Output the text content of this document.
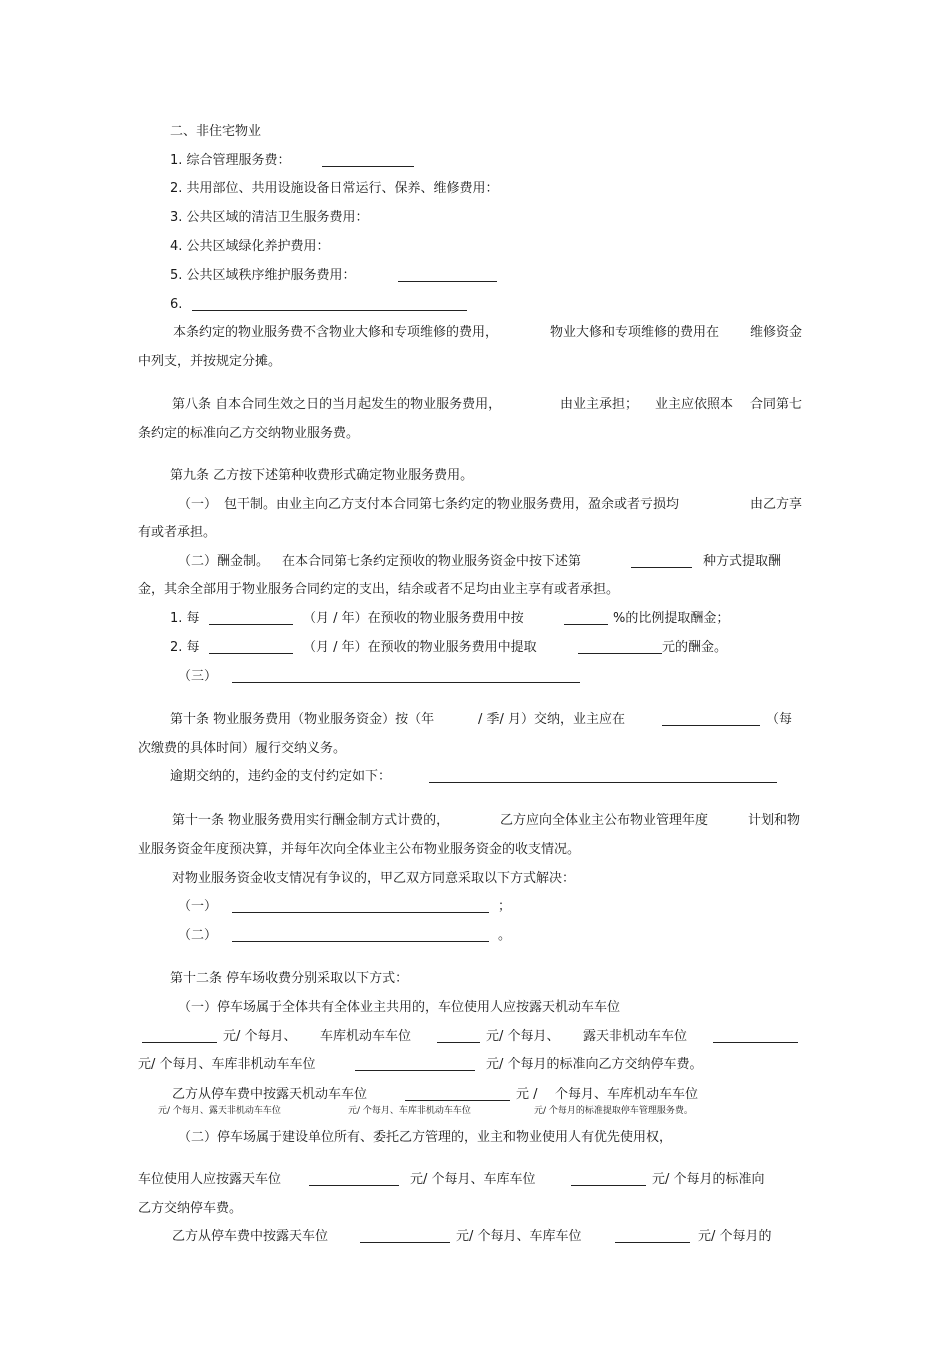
二、非住宅物业
1. 综合管理服务费：
2. 共用部位、共用设施设备日常运行、保养、维修费用：
3. 公共区域的清洁卫生服务费用：
4. 公共区域绿化养护费用：
5. 公共区域秩序维护服务费用：
6.
本条约定的物业服务费不含物业大修和专项维修的费用，	物业大修和专项维修的费用在 维修资金
中列支，并按规定分摊。
第八条 自本合同生效之日的当月起发生的物业服务费用，	由业主承担； 业主应依照本 合同第七
条约定的标准向乙方交纳物业服务费。
第九条 乙方按下述第种收费形式确定物业服务费用。
（一） 包干制。由业主向乙方支付本合同第七条约定的物业服务费用，盈余或者亏损均	由乙方享
有或者承担。
（二）酬金制。 在本合同第七条约定预收的物业服务资金中按下述第	种方式提取酬
金，其余全部用于物业服务合同约定的支出，结余或者不足均由业主享有或者承担。
1. 每	（月 / 年）在预收的物业服务费用中按	%的比例提取酬金；
2. 每	（月 / 年）在预收的物业服务费用中提取	元的酬金。
（三）
第十条 物业服务费用（物业服务资金）按（年	/ 季/ 月）交纳，业主应在	（每
次缴费的具体时间）履行交纳义务。
逾期交纳的，违约金的支付约定如下：
第十一条 物业服务费用实行酬金制方式计费的，	乙方应向全体业主公布物业管理年度	计划和物
业服务资金年度预决算，并每年次向全体业主公布物业服务资金的收支情况。
对物业服务资金收支情况有争议的，甲乙双方同意采取以下方式解决：
（一）	；
（二）	。
第十二条 停车场收费分别采取以下方式：
（一）停车场属于全体共有全体业主共用的，车位使用人应按露天机动车车位
元/ 个每月、 车库机动车车位	元/ 个每月、 露天非机动车车位
元/ 个每月、车库非机动车车位	元/ 个每月的标准向乙方交纳停车费。
乙方从停车费中按露天机动车车位	元 / 个每月、车库机动车车位
元/ 个每月、露天非机动车车位	元/ 个每月、车库非机动车车位	元/ 个每月的标准提取停车管理服务费。
（二）停车场属于建设单位所有、委托乙方管理的，业主和物业使用人有优先使用权，
车位使用人应按露天车位	元/ 个每月、车库车位	元/ 个每月的标准向
乙方交纳停车费。
乙方从停车费中按露天车位	元/ 个每月、车库车位	元/ 个每月的
